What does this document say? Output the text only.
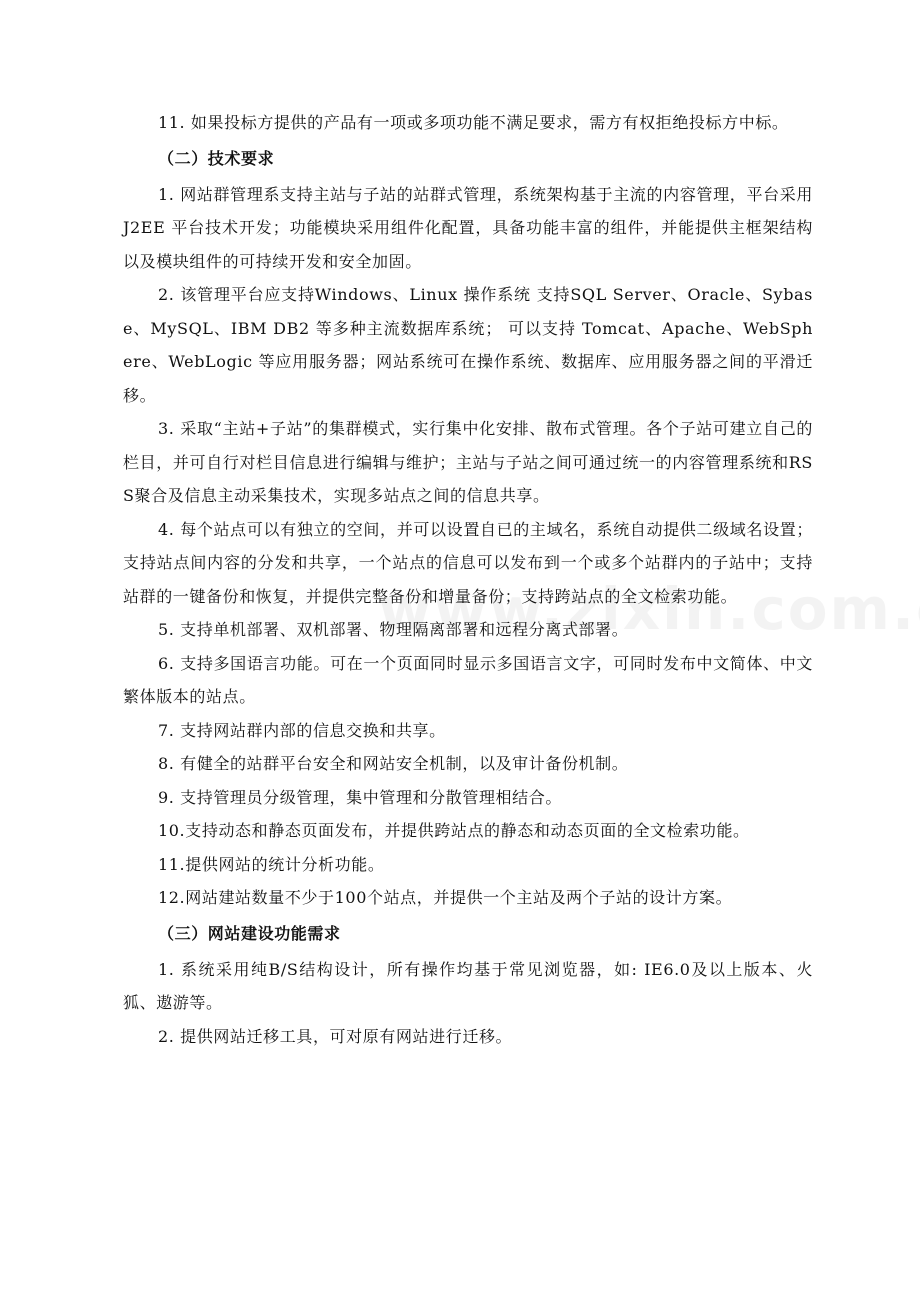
11. 如果投标方提供的产品有一项或多项功能不满足要求，需方有权拒绝投标方中标。

（二）技术要求

1. 网站群管理系支持主站与子站的站群式管理，系统架构基于主流的内容管理，平台采用 J2EE 平台技术开发；功能模块采用组件化配置，具备功能丰富的组件，并能提供主框架结构以及模块组件的可持续开发和安全加固。

2. 该管理平台应支持Windows、Linux 操作系统 支持SQL Server、Oracle、Sybase、MySQL、IBM DB2 等多种主流数据库系统； 可以支持 Tomcat、Apache、WebSphere、WebLogic 等应用服务器；网站系统可在操作系统、数据库、应用服务器之间的平滑迁移。

3. 采取“主站+子站”的集群模式，实行集中化安排、散布式管理。各个子站可建立自己的栏目，并可自行对栏目信息进行编辑与维护；主站与子站之间可通过统一的内容管理系统和RSS聚合及信息主动采集技术，实现多站点之间的信息共享。

4. 每个站点可以有独立的空间，并可以设置自已的主域名，系统自动提供二级域名设置；支持站点间内容的分发和共享，一个站点的信息可以发布到一个或多个站群内的子站中；支持站群的一键备份和恢复，并提供完整备份和增量备份；支持跨站点的全文检索功能。

5. 支持单机部署、双机部署、物理隔离部署和远程分离式部署。

6. 支持多国语言功能。可在一个页面同时显示多国语言文字，可同时发布中文简体、中文繁体版本的站点。

7. 支持网站群内部的信息交换和共享。

8. 有健全的站群平台安全和网站安全机制，以及审计备份机制。

9. 支持管理员分级管理，集中管理和分散管理相结合。

10.支持动态和静态页面发布，并提供跨站点的静态和动态页面的全文检索功能。

11.提供网站的统计分析功能。

12.网站建站数量不少于100个站点，并提供一个主站及两个子站的设计方案。

（三）网站建设功能需求

1. 系统采用纯B/S结构设计，所有操作均基于常见浏览器，如: IE6.0及以上版本、火狐、遨游等。

2. 提供网站迁移工具，可对原有网站进行迁移。
